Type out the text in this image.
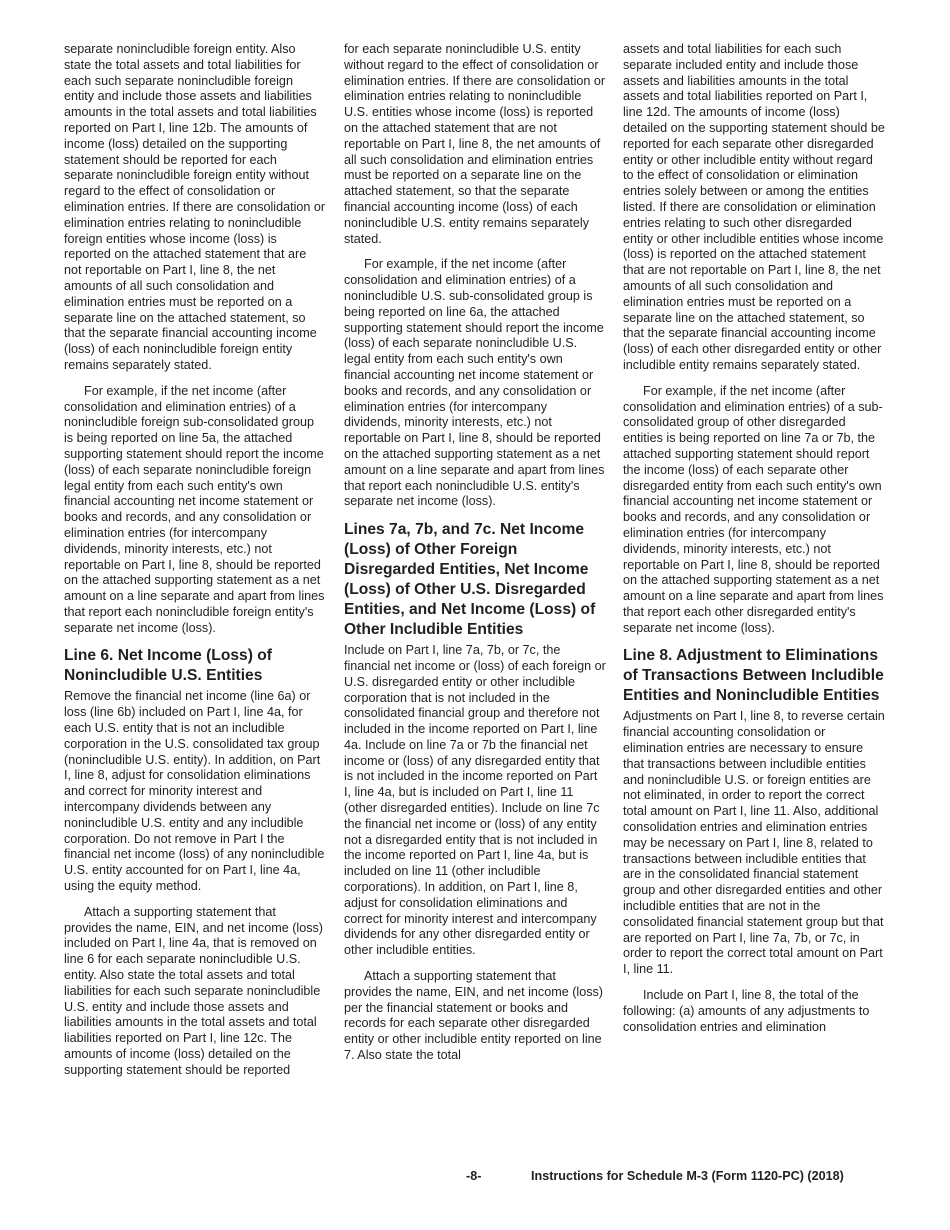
separate nonincludible foreign entity. Also state the total assets and total liabilities for each such separate nonincludible foreign entity and include those assets and liabilities amounts in the total assets and total liabilities reported on Part I, line 12b. The amounts of income (loss) detailed on the supporting statement should be reported for each separate nonincludible foreign entity without regard to the effect of consolidation or elimination entries. If there are consolidation or elimination entries relating to nonincludible foreign entities whose income (loss) is reported on the attached statement that are not reportable on Part I, line 8, the net amounts of all such consolidation and elimination entries must be reported on a separate line on the attached statement, so that the separate financial accounting income (loss) of each nonincludible foreign entity remains separately stated.

For example, if the net income (after consolidation and elimination entries) of a nonincludible foreign sub-consolidated group is being reported on line 5a, the attached supporting statement should report the income (loss) of each separate nonincludible foreign legal entity from each such entity's own financial accounting net income statement or books and records, and any consolidation or elimination entries (for intercompany dividends, minority interests, etc.) not reportable on Part I, line 8, should be reported on the attached supporting statement as a net amount on a line separate and apart from lines that report each nonincludible foreign entity's separate net income (loss).

Line 6. Net Income (Loss) of Nonincludible U.S. Entities

Remove the financial net income (line 6a) or loss (line 6b) included on Part I, line 4a, for each U.S. entity that is not an includible corporation in the U.S. consolidated tax group (nonincludible U.S. entity). In addition, on Part I, line 8, adjust for consolidation eliminations and correct for minority interest and intercompany dividends between any nonincludible U.S. entity and any includible corporation. Do not remove in Part I the financial net income (loss) of any nonincludible U.S. entity accounted for on Part I, line 4a, using the equity method.

Attach a supporting statement that provides the name, EIN, and net income (loss) included on Part I, line 4a, that is removed on line 6 for each separate nonincludible U.S. entity. Also state the total assets and total liabilities for each such separate nonincludible U.S. entity and include those assets and liabilities amounts in the total assets and total liabilities reported on Part I, line 12c. The amounts of income (loss) detailed on the supporting statement should be reported

for each separate nonincludible U.S. entity without regard to the effect of consolidation or elimination entries. If there are consolidation or elimination entries relating to nonincludible U.S. entities whose income (loss) is reported on the attached statement that are not reportable on Part I, line 8, the net amounts of all such consolidation and elimination entries must be reported on a separate line on the attached statement, so that the separate financial accounting income (loss) of each nonincludible U.S. entity remains separately stated.

For example, if the net income (after consolidation and elimination entries) of a nonincludible U.S. sub-consolidated group is being reported on line 6a, the attached supporting statement should report the income (loss) of each separate nonincludible U.S. legal entity from each such entity's own financial accounting net income statement or books and records, and any consolidation or elimination entries (for intercompany dividends, minority interests, etc.) not reportable on Part I, line 8, should be reported on the attached supporting statement as a net amount on a line separate and apart from lines that report each nonincludible U.S. entity's separate net income (loss).

Lines 7a, 7b, and 7c. Net Income (Loss) of Other Foreign Disregarded Entities, Net Income (Loss) of Other U.S. Disregarded Entities, and Net Income (Loss) of Other Includible Entities

Include on Part I, line 7a, 7b, or 7c, the financial net income or (loss) of each foreign or U.S. disregarded entity or other includible corporation that is not included in the consolidated financial group and therefore not included in the income reported on Part I, line 4a. Include on line 7a or 7b the financial net income or (loss) of any disregarded entity that is not included in the income reported on Part I, line 4a, but is included on Part I, line 11 (other disregarded entities). Include on line 7c the financial net income or (loss) of any entity not a disregarded entity that is not included in the income reported on Part I, line 4a, but is included on line 11 (other includible corporations). In addition, on Part I, line 8, adjust for consolidation eliminations and correct for minority interest and intercompany dividends for any other disregarded entity or other includible entities.

Attach a supporting statement that provides the name, EIN, and net income (loss) per the financial statement or books and records for each separate other disregarded entity or other includible entity reported on line 7. Also state the total

assets and total liabilities for each such separate included entity and include those assets and liabilities amounts in the total assets and total liabilities reported on Part I, line 12d. The amounts of income (loss) detailed on the supporting statement should be reported for each separate other disregarded entity or other includible entity without regard to the effect of consolidation or elimination entries solely between or among the entities listed. If there are consolidation or elimination entries relating to such other disregarded entity or other includible entities whose income (loss) is reported on the attached statement that are not reportable on Part I, line 8, the net amounts of all such consolidation and elimination entries must be reported on a separate line on the attached statement, so that the separate financial accounting income (loss) of each other disregarded entity or other includible entity remains separately stated.

For example, if the net income (after consolidation and elimination entries) of a sub-consolidated group of other disregarded entities is being reported on line 7a or 7b, the attached supporting statement should report the income (loss) of each separate other disregarded entity from each such entity's own financial accounting net income statement or books and records, and any consolidation or elimination entries (for intercompany dividends, minority interests, etc.) not reportable on Part I, line 8, should be reported on the attached supporting statement as a net amount on a line separate and apart from lines that report each other disregarded entity's separate net income (loss).

Line 8. Adjustment to Eliminations of Transactions Between Includible Entities and Nonincludible Entities

Adjustments on Part I, line 8, to reverse certain financial accounting consolidation or elimination entries are necessary to ensure that transactions between includible entities and nonincludible U.S. or foreign entities are not eliminated, in order to report the correct total amount on Part I, line 11. Also, additional consolidation entries and elimination entries may be necessary on Part I, line 8, related to transactions between includible entities that are in the consolidated financial statement group and other disregarded entities and other includible entities that are not in the consolidated financial statement group but that are reported on Part I, line 7a, 7b, or 7c, in order to report the correct total amount on Part I, line 11.

Include on Part I, line 8, the total of the following: (a) amounts of any adjustments to consolidation entries and elimination

-8-	Instructions for Schedule M-3 (Form 1120-PC) (2018)
